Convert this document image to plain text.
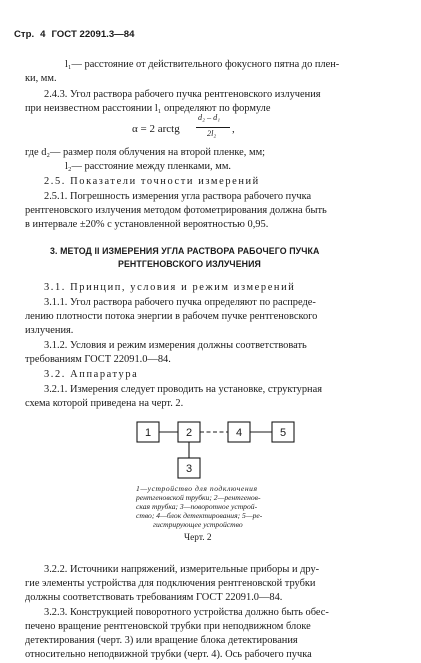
Стр. 4 ГОСТ 22091.3—84
l₁— расстояние от действительного фокусного пятна до плен-
ки, мм.
2.4.3. Угол раствора рабочего пучка рентгеновского излучения
при неизвестном расстоянии l₁ определяют по формуле
α = 2 arctg
d₂ – d₁
2l₂ ,
где d₂— размер поля облучения на второй пленке, мм;
l₂— расстояние между пленками, мм.
2.5. Показатели точности измерений
2.5.1. Погрешность измерения угла раствора рабочего пучка
рентгеновского излучения методом фотометрирования должна быть
в интервале ±20% с установленной вероятностью 0,95.
3. МЕТОД II ИЗМЕРЕНИЯ УГЛА РАСТВОРА РАБОЧЕГО ПУЧКА
РЕНТГЕНОВСКОГО ИЗЛУЧЕНИЯ
3.1. Принцип, условия и режим измерений
3.1.1. Угол раствора рабочего пучка определяют по распреде-
лению плотности потока энергии в рабочем пучке рентгеновского
излучения.
3.1.2. Условия и режим измерения должны соответствовать
требованиям ГОСТ 22091.0—84.
3.2. Аппаратура
3.2.1. Измерения следует проводить на установке, структурная
схема которой приведена на черт. 2.
1	2
3
4	5
1—устройство для подключения
рентгеновской трубки; 2—рентгенов-
ская трубка; 3—поворотное устрой-
ство; 4—блок детектирования; 5—ре-
гистрирующее устройство
Черт. 2
3.2.2. Источники напряжений, измерительные приборы и дру-
гие элементы устройства для подключения рентгеновской трубки
должны соответствовать требованиям ГОСТ 22091.0—84.
3.2.3. Конструкцией поворотного устройства должно быть обес-
печено вращение рентгеновской трубки при неподвижном блоке
детектирования (черт. 3) или вращение блока детектирования
относительно неподвижной трубки (черт. 4). Ось рабочего пучка
